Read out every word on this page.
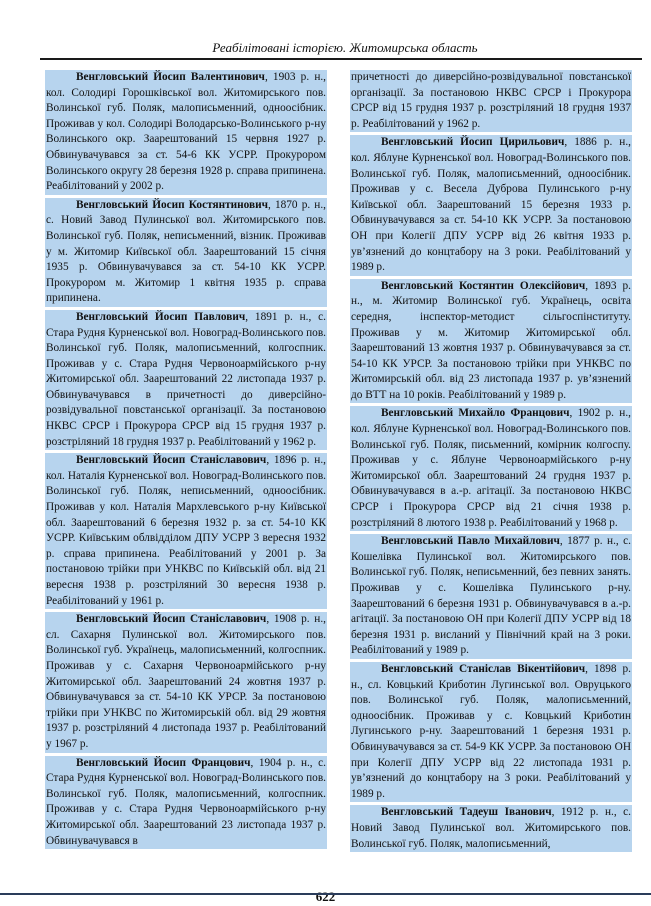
Реабілітовані історією. Житомирська область

Венгловський Йосип Валентинович, 1903 р. н., кол. Солодирі Горошківської вол. Житомирського пов. Волинської губ. Поляк, малописьменний, одноосібник. Проживав у кол. Солодирі Володарсько-Волинського р-ну Волинського окр. Заарештований 15 червня 1927 р. Обвинувачувався за ст. 54-6 КК УСРР. Прокурором Волинського округу 28 березня 1928 р. справа припинена. Реабілітований у 2002 р.

Венгловський Йосип Костянтинович, 1870 р. н., с. Новий Завод Пулинської вол. Житомирського пов. Волинської губ. Поляк, неписьменний, візник. Проживав у м. Житомир Київської обл. Заарештований 15 січня 1935 р. Обвинувачувався за ст. 54-10 КК УСРР. Прокурором м. Житомир 1 квітня 1935 р. справа припинена.

Венгловський Йосип Павлович, 1891 р. н., с. Стара Рудня Курненської вол. Новоград-Волинського пов. Волинської губ. Поляк, малописьменний, колгоспник. Проживав у с. Стара Рудня Червоноармійського р-ну Житомирської обл. Заарештований 22 листопада 1937 р. Обвинувачувався в причетності до диверсійно-розвідувальної повстанської організації. За постановою НКВС СРСР і Прокурора СРСР від 15 грудня 1937 р. розстріляний 18 грудня 1937 р. Реабілітований у 1962 р.

Венгловський Йосип Станіславович, 1896 р. н., кол. Наталія Курненської вол. Новоград-Волинського пов. Волинської губ. Поляк, неписьменний, одноосібник. Проживав у кол. Наталія Мархлевського р-ну Київської обл. Заарештований 6 березня 1932 р. за ст. 54-10 КК УСРР. Київським облвідділом ДПУ УСРР 3 вересня 1932 р. справа припинена. Реабілітований у 2001 р. За постановою трійки при УНКВС по Київській обл. від 21 вересня 1938 р. розстріляний 30 вересня 1938 р. Реабілітований у 1961 р.

Венгловський Йосип Станіславович, 1908 р. н., сл. Сахарня Пулинської вол. Житомирського пов. Волинської губ. Українець, малописьменний, колгоспник. Проживав у с. Сахарня Червоноармійського р-ну Житомирської обл. Заарештований 24 жовтня 1937 р. Обвинувачувався за ст. 54-10 КК УРСР. За постановою трійки при УНКВС по Житомирській обл. від 29 жовтня 1937 р. розстріляний 4 листопада 1937 р. Реабілітований у 1967 р.

Венгловський Йосип Францович, 1904 р. н., с. Стара Рудня Курненської вол. Новоград-Волинського пов. Волинської губ. Поляк, малописьменний, колгоспник. Проживав у с. Стара Рудня Червоноармійського р-ну Житомирської обл. Заарештований 23 листопада 1937 р. Обвинувачувався в

причетності до диверсійно-розвідувальної повстанської організації. За постановою НКВС СРСР і Прокурора СРСР від 15 грудня 1937 р. розстріляний 18 грудня 1937 р. Реабілітований у 1962 р.

Венгловський Йосип Цирильович, 1886 р. н., кол. Яблуне Курненської вол. Новоград-Волинського пов. Волинської губ. Поляк, малописьменний, одноосібник. Проживав у с. Весела Дуброва Пулинського р-ну Київської обл. Заарештований 15 березня 1933 р. Обвинувачувався за ст. 54-10 КК УСРР. За постановою ОН при Колегії ДПУ УСРР від 26 квітня 1933 р. ув’язнений до концтабору на 3 роки. Реабілітований у 1989 р.

Венгловський Костянтин Олексійович, 1893 р. н., м. Житомир Волинської губ. Українець, освіта середня, інспектор-методист сільгоспінституту. Проживав у м. Житомир Житомирської обл. Заарештований 13 жовтня 1937 р. Обвинувачувався за ст. 54-10 КК УРСР. За постановою трійки при УНКВС по Житомирській обл. від 23 листопада 1937 р. ув’язнений до ВТТ на 10 років. Реабілітований у 1989 р.

Венгловський Михайло Францович, 1902 р. н., кол. Яблуне Курненської вол. Новоград-Волинського пов. Волинської губ. Поляк, письменний, комірник колгоспу. Проживав у с. Яблуне Червоноармійського р-ну Житомирської обл. Заарештований 24 грудня 1937 р. Обвинувачувався в а.-р. агітації. За постановою НКВС СРСР і Прокурора СРСР від 21 січня 1938 р. розстріляний 8 лютого 1938 р. Реабілітований у 1968 р.

Венгловський Павло Михайлович, 1877 р. н., с. Кошелівка Пулинської вол. Житомирського пов. Волинської губ. Поляк, неписьменний, без певних занять. Проживав у с. Кошелівка Пулинського р-ну. Заарештований 6 березня 1931 р. Обвинувачувався в а.-р. агітації. За постановою ОН при Колегії ДПУ УСРР від 18 березня 1931 р. висланий у Північний край на 3 роки. Реабілітований у 1989 р.

Венгловський Станіслав Вікентійович, 1898 р. н., сл. Ковцький Криботин Лугинської вол. Овруцького пов. Волинської губ. Поляк, малописьменний, одноосібник. Проживав у с. Ковцький Криботин Лугинського р-ну. Заарештований 1 березня 1931 р. Обвинувачувався за ст. 54-9 КК УСРР. За постановою ОН при Колегії ДПУ УСРР від 22 листопада 1931 р. ув’язнений до концтабору на 3 роки. Реабілітований у 1989 р.

Венгловський Тадеуш Іванович, 1912 р. н., с. Новий Завод Пулинської вол. Житомирського пов. Волинської губ. Поляк, малописьменний,

622
